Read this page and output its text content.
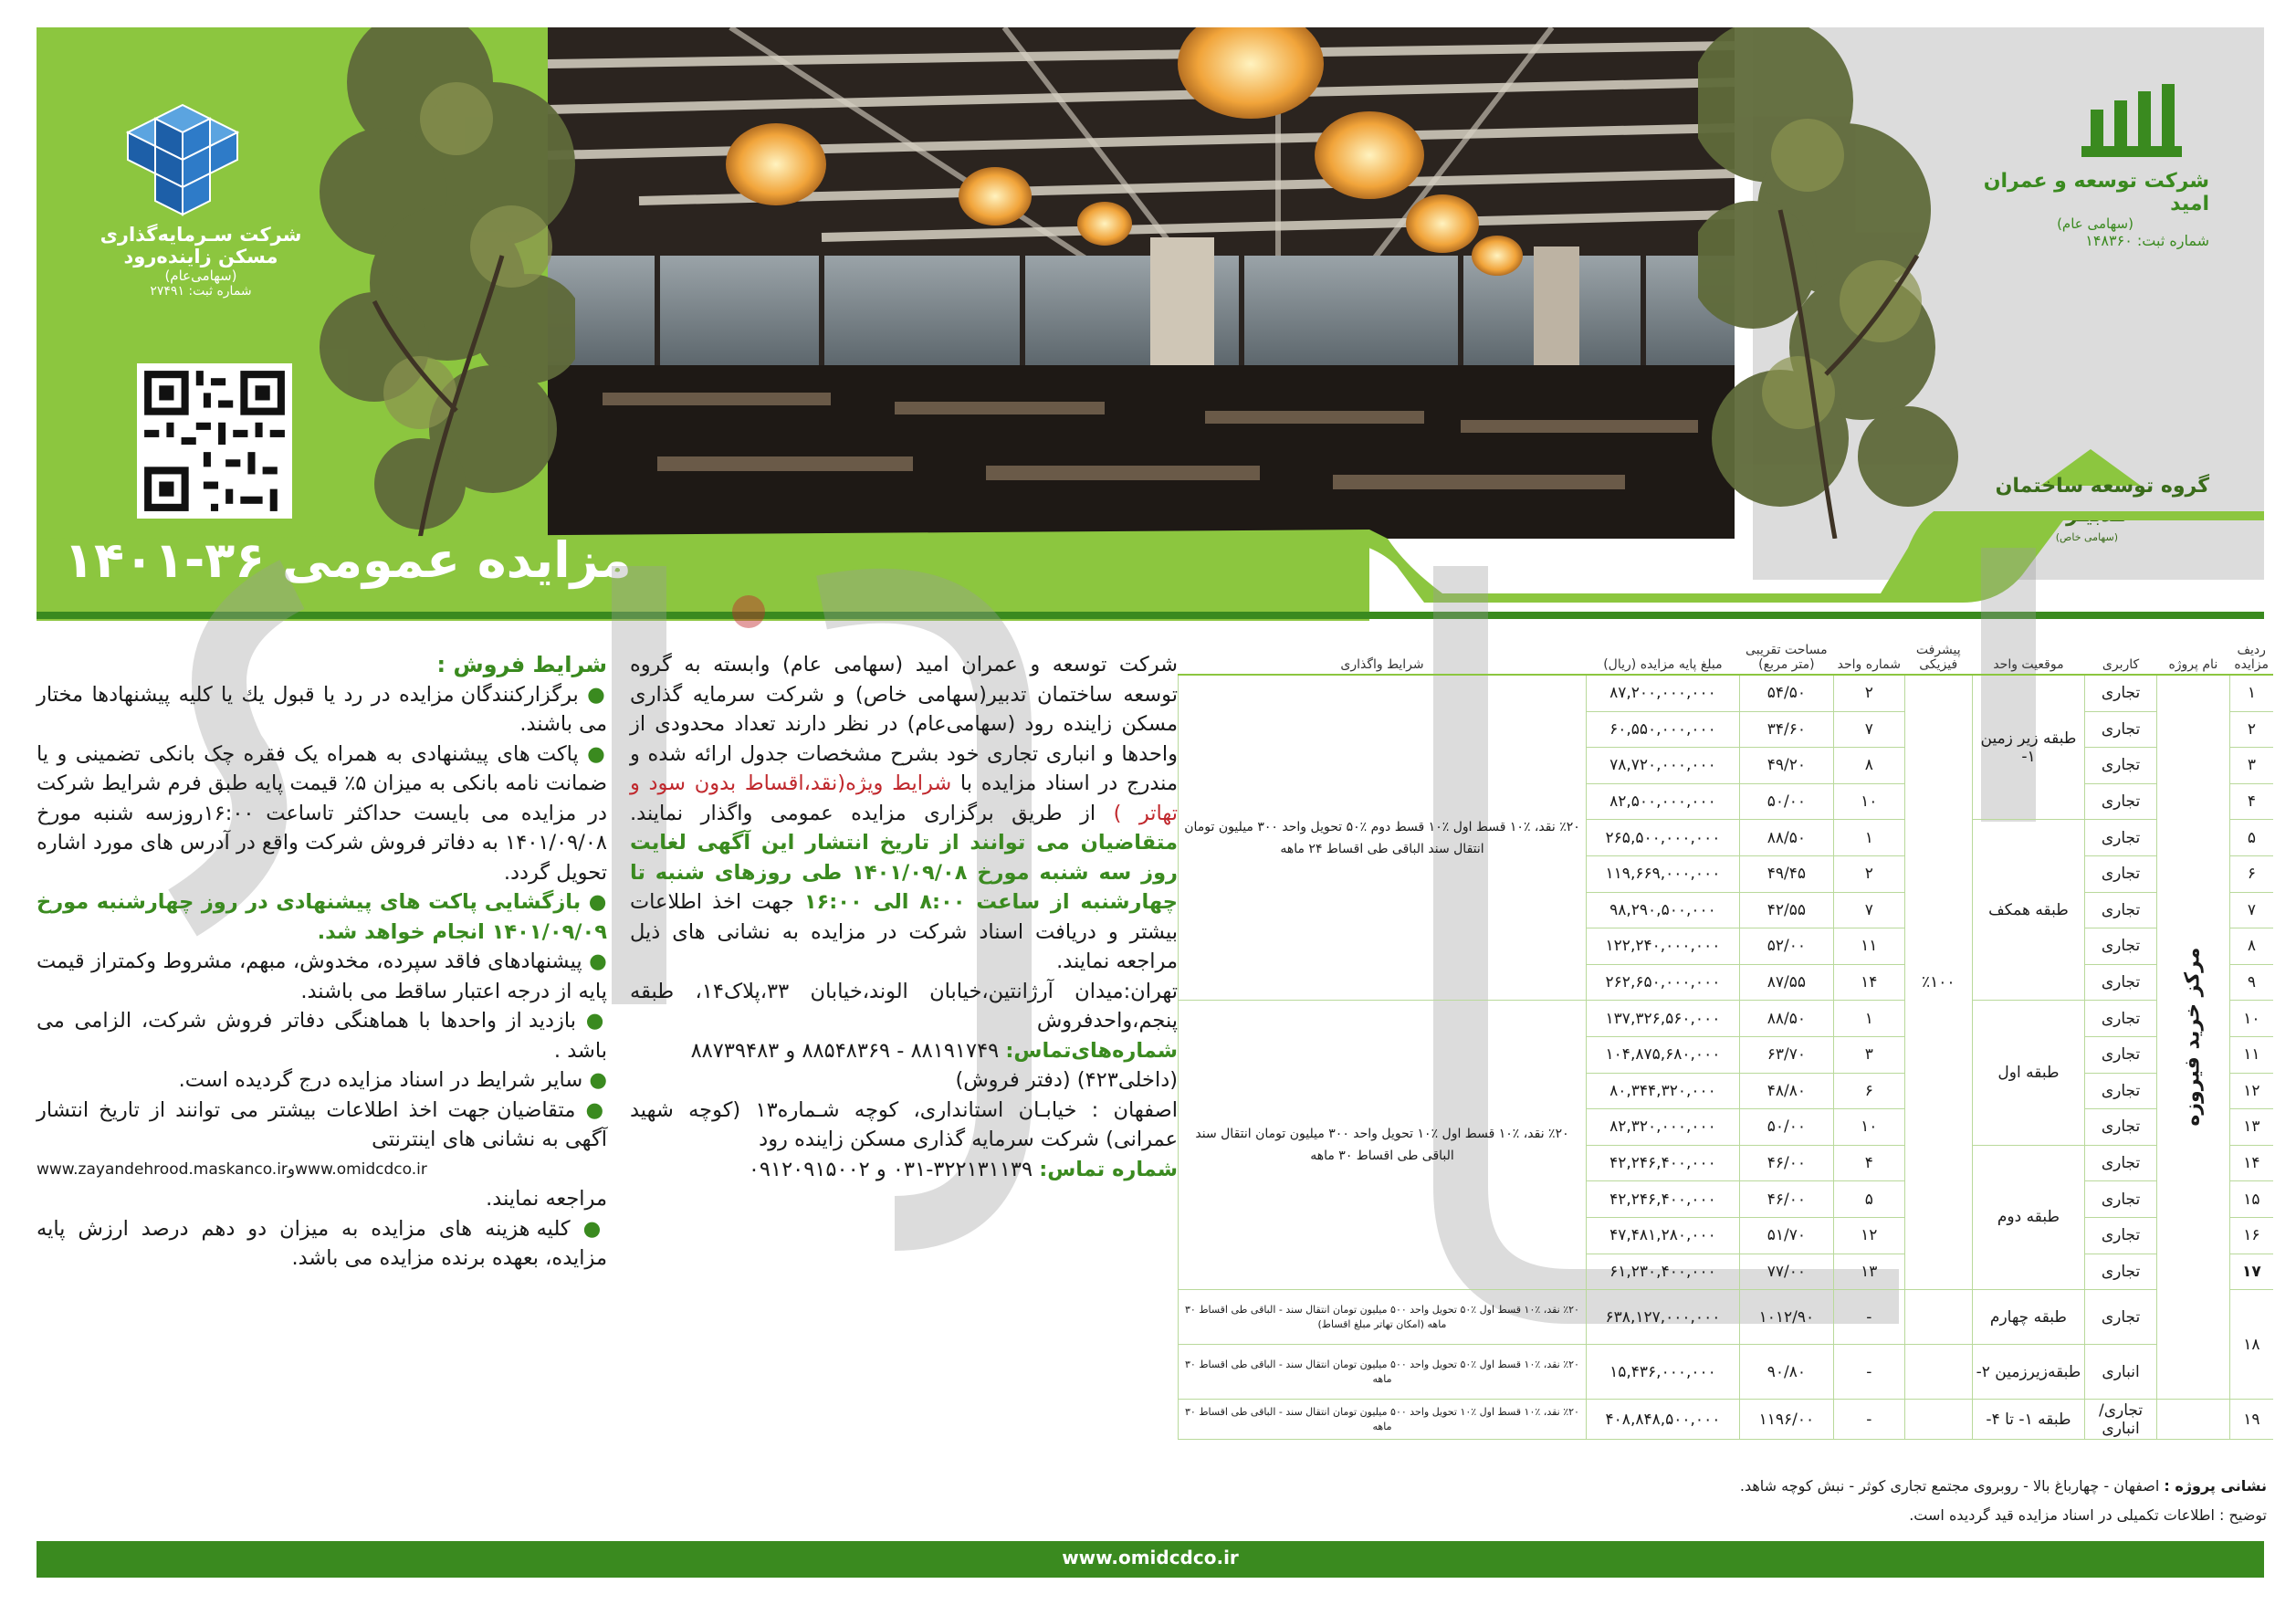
شرکت سـرمایه‌گذاری
مسکن زاینده‌رود
(سهامی‌عام)
شماره ثبت: ۲۷۴۹۱
شرکت توسعه و عمران امید
(سهامی عام)
شماره ثبت: ۱۴۸۳۶۰
گروه توسعه ساختمان
(سهامی خاص)
مزایده عمومی ۳۶-۱۴۰۱
شرکت توسعه و عمران امید (سهامی عام) وابسته به گروه توسعه ساختمان تدبیر(سهامی خاص) و شرکت سرمایه گذاری مسکن زاینده رود (سهامی‌عام) در نظر دارند تعداد محدودی از واحدها و انباری تجاری خود بشرح مشخصات جدول ارائه شده و مندرج در اسناد مزایده با شرایط ویژه(نقد،اقساط بدون سود و تهاتر ) از طریق برگزاری مزایده عمومی واگذار نمایند. متقاضیان می توانند از تاریخ انتشار این آگهی لغایت روز سه شنبه مورخ ۱۴۰۱/۰۹/۰۸ طی روزهای شنبه تا چهارشنبه از ساعت ۸:۰۰ الی ۱۶:۰۰ جهت اخذ اطلاعات بیشتر و دریافت اسناد شرکت در مزایده به نشانی های ذیل مراجعه نمایند.
تهران:میدان آرژانتین،خیابان الوند،خیابان ۳۳،پلاک۱۴، طبقه پنجم،واحدفروش
شماره‌های‌تماس: ۸۸۱۹۱۷۴۹ - ۸۸۵۴۸۳۶۹ و ۸۸۷۳۹۴۸۳
(داخلی۴۲۳) (دفتر فروش)
اصفهان : خیابـان استانداری، کوچه شـماره۱۳ (کوچه شهید عمرانی) شرکت سرمایه گذاری مسکن زاینده رود
شماره تماس: ۳۲۲۱۳۱۱۳۹-۰۳۱ و ۰۹۱۲۰۹۱۵۰۰۲
شرایط فروش :
● برگزارکنندگان مزایده در رد یا قبول یك یا کلیه پیشنهادها مختار می باشند.
● پاکت های پیشنهادی به همراه یک فقره چک بانکی تضمینی و یا ضمانت نامه بانکی به میزان ۵٪ قیمت پایه طبق فرم شرایط شرکت در مزایده می بایست حداکثر تاساعت ۱۶:۰۰روزسه شنبه مورخ ۱۴۰۱/۰۹/۰۸ به دفاتر فروش شرکت واقع در آدرس های مورد اشاره تحویل گردد.
● بازگشایی پاکت های پیشنهادی در روز چهارشنبه مورخ ۱۴۰۱/۰۹/۰۹ انجام خواهد شد.
● پیشنهادهای فاقد سپرده، مخدوش، مبهم، مشروط وکمتراز قیمت پایه از درجه اعتبار ساقط می باشند.
● بازدید از واحدها با هماهنگی دفاتر فروش شرکت، الزامی می باشد .
● سایر شرایط در اسناد مزایده درج گردیده است.
● متقاضیان جهت اخذ اطلاعات بیشتر می توانند از تاریخ انتشار آگهی به نشانی های اینترنتی
www.zayandehrood.maskanco.irوwww.omidcdco.ir
مراجعه نمایند.
● کلیه هزینه های مزایده به میزان دو دهم درصد ارزش پایه مزایده، بعهده برنده مزایده می باشد.
ردیف مزایده	نام پروژه	کاربری	موقعیت واحد	پیشرفت فیزیکی	شماره واحد	مساحت تقریبی (متر مربع)	مبلغ پایه مزایده (ریال)	شرایط واگذاری
۱	مرکز خرید فیروزه	تجاری	طبقه زیر زمین ۱-	٪۱۰۰	۲	۵۴/۵۰	۸۷,۲۰۰,۰۰۰,۰۰۰	٪۲۰ نقد، ٪۱۰ قسط اول ٪۱۰ قسط دوم ٪۵۰ تحویل واحد ۳۰۰ میلیون تومان انتقال سند الباقی طی اقساط ۲۴ ماهه
۲		تجاری			۷	۳۴/۶۰	۶۰,۵۵۰,۰۰۰,۰۰۰	
۳		تجاری			۸	۴۹/۲۰	۷۸,۷۲۰,۰۰۰,۰۰۰	
۴		تجاری			۱۰	۵۰/۰۰	۸۲,۵۰۰,۰۰۰,۰۰۰	
۵		تجاری	طبقه همکف		۱	۸۸/۵۰	۲۶۵,۵۰۰,۰۰۰,۰۰۰	
۶		تجاری			۲	۴۹/۴۵	۱۱۹,۶۶۹,۰۰۰,۰۰۰	
۷		تجاری			۷	۴۲/۵۵	۹۸,۲۹۰,۵۰۰,۰۰۰	
۸		تجاری			۱۱	۵۲/۰۰	۱۲۲,۲۴۰,۰۰۰,۰۰۰	
۹		تجاری			۱۴	۸۷/۵۵	۲۶۲,۶۵۰,۰۰۰,۰۰۰	
۱۰		تجاری	طبقه اول		۱	۸۸/۵۰	۱۳۷,۳۲۶,۵۶۰,۰۰۰	٪۲۰ نقد، ٪۱۰ قسط اول ٪۱۰ تحویل واحد ۳۰۰ میلیون تومان انتقال سند الباقی طی اقساط ۳۰ ماهه
۱۱		تجاری			۳	۶۳/۷۰	۱۰۴,۸۷۵,۶۸۰,۰۰۰	
۱۲		تجاری			۶	۴۸/۸۰	۸۰,۳۴۴,۳۲۰,۰۰۰	
۱۳		تجاری			۱۰	۵۰/۰۰	۸۲,۳۲۰,۰۰۰,۰۰۰	
۱۴		تجاری	طبقه دوم		۴	۴۶/۰۰	۴۲,۲۴۶,۴۰۰,۰۰۰	
۱۵		تجاری			۵	۴۶/۰۰	۴۲,۲۴۶,۴۰۰,۰۰۰	
۱۶		تجاری			۱۲	۵۱/۷۰	۴۷,۴۸۱,۲۸۰,۰۰۰	
۱۷		تجاری			۱۳	۷۷/۰۰	۶۱,۲۳۰,۴۰۰,۰۰۰	
۱۸		تجاری	طبقه چهارم		-	۱۰۱۲/۹۰	۶۳۸,۱۲۷,۰۰۰,۰۰۰	٪۲۰ نقد، ٪۱۰ قسط اول ٪۵۰ تحویل واحد ۵۰۰ میلیون تومان انتقال سند - الباقی طی اقساط ۳۰ ماهه (امکان تهاتر مبلغ اقساط)
		انباری	طبقه‌زیرزمین ۲-		-	۹۰/۸۰	۱۵,۴۳۶,۰۰۰,۰۰۰	٪۲۰ نقد، ٪۱۰ قسط اول ٪۵۰ تحویل واحد ۵۰۰ میلیون تومان انتقال سند - الباقی طی اقساط ۳۰ ماهه
۱۹		تجاری/انباری	طبقه ۱- تا ۴-		-	۱۱۹۶/۰۰	۴۰۸,۸۴۸,۵۰۰,۰۰۰	٪۲۰ نقد، ٪۱۰ قسط اول ٪۱۰ تحویل واحد ۵۰۰ میلیون تومان انتقال سند - الباقی طی اقساط ۳۰ ماهه
نشانی پروژه : اصفهان - چهارباغ بالا - روبروی مجتمع تجاری کوثر - نبش کوچه شاهد.
توضیح : اطلاعات تکمیلی در اسناد مزایده قید گردیده است.
www.omidcdco.ir
